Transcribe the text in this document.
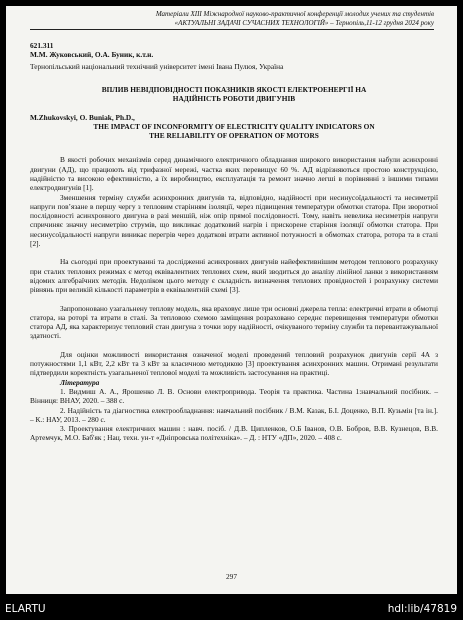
Матеріали ХІІІ Міжнародної науково-практичної конференції молодих учених та студентів
«АКТУАЛЬНІ ЗАДАЧІ СУЧАСНИХ ТЕХНОЛОГІЙ» – Тернопіль,11-12 грудня 2024 року
621.311
М.М. Жуковський, О.А. Буник, к.т.н.
Тернопільський національний технічний університет імені Івана Пулюя, Україна
ВПЛИВ НЕВІДПОВІДНОСТІ ПОКАЗНИКІВ ЯКОСТІ ЕЛЕКТРОЕНЕРГІЇ НА
НАДІЙНІСТЬ РОБОТИ ДВИГУНІВ
M.Zhukovskyi, O. Buniak, Ph.D.,
THE IMPACT OF INCONFORMITY OF ELECTRICITY QUALITY INDICATORS ON
THE RELIABILITY OF OPERATION OF MOTORS

В якості робочих механізмів серед динамічного електричного обладнання широкого використання набули асинхронні двигуни (АД), що працюють від трифазної мережі, частка яких перевищує 60 %. АД відрізняються простою конструкцією, надійністю та високою ефективністю, а їх виробництво, експлуатація та ремонт значно легші в порівнянні з іншими типами електродвигунів [1].

Зменшення терміну служби асинхронних двигунів та, відповідно, надійності при несинусоїдальності та несиметрії напруги пов’язане в першу чергу з тепловим старінням ізоляції, через підвищення температури обмотки статора. При зворотної послідовності асинхронного двигуна в разі меншій, ніж опір прямої послідовності. Тому, навіть невелика несиметрія напруги спричиняє значну несиметрію струмів, що викликає додатковий нагрів і прискорене старіння ізоляції обмотки статора. При несинусоїдальності напруги виникає перегрів через додаткові втрати активної потужності в обмотках статора, ротора та в сталі [2].

На сьогодні при проектуванні та дослідженні асинхронних двигунів найефективнішим методом теплового розрахунку при сталих теплових режимах є метод еквівалентних теплових схем, який зводиться до аналізу лінійної ланки з використанням відомих алгебраїчних методів. Недоліком цього методу є складність визначення теплових провідностей і розрахунку системи рівнянь при великій кількості параметрів в еквівалентній схемі [3].

Запропоновано узагальнену теплову модель, яка враховує лише три основні джерела тепла: електричні втрати в обмотці статора, на роторі та втрати в сталі. За тепловою схемою заміщення розраховано середнє перевищення температури обмотки статора АД, яка характеризує тепловий стан двигуна з точки зору надійності, очікуваного терміну служби та перевантажувальної здатності.

Для оцінки можливості використання означеної моделі проведений тепловий розрахунок двигунів серії 4А з потужностями 1,1 кВт, 2,2 кВт та 3 кВт за класичною методикою [3] проектування асинхронних машин. Отримані результати підтвердили коректність узагальненої теплової моделі та можливість застосування на практиці.

Література
1. Видмиш А. А., Ярошенко Л. В. Основи електропривода. Теорія та практика. Частина 1:навчальний посібник. – Вінниця: ВНАУ, 2020. – 388 с.
2. Надійність та діагностика електрообладнання: навчальний посібник / В.М. Казак, Б.І. Доценко, В.П. Кузьмін [та ін.]. – К.: НАУ, 2013. – 280 с.
3. Проектування електричних машин : навч. посіб. / Д.В. Ципленков, О.Б Іванов, О.В. Бобров, В.В. Кузнецов, В.В. Артемчук, М.О. Баб'як ; Нац. техн. ун-т «Дніпровська політехніка». – Д. : НТУ «ДП», 2020. – 408 с.
297
ELARTU	hdl:lib/47819
